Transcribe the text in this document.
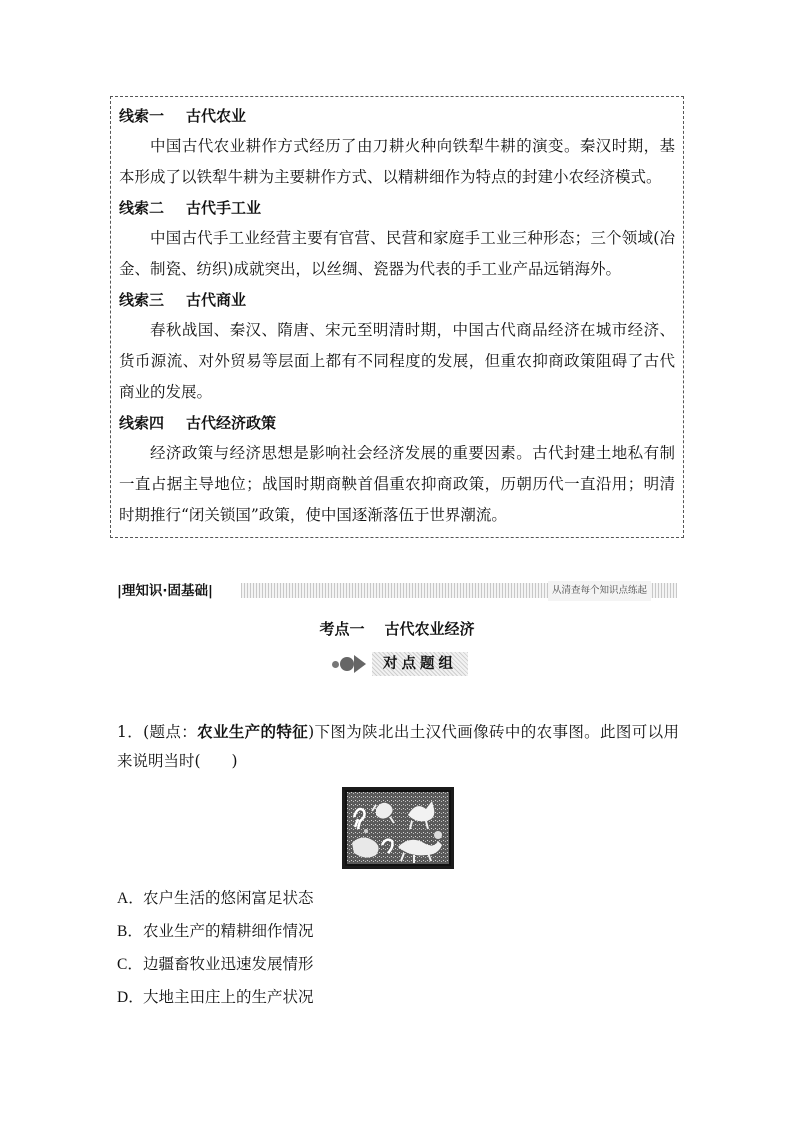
线索一 古代农业

中国古代农业耕作方式经历了由刀耕火种向铁犁牛耕的演变。秦汉时期，基本形成了以铁犁牛耕为主要耕作方式、以精耕细作为特点的封建小农经济模式。

线索二 古代手工业

中国古代手工业经营主要有官营、民营和家庭手工业三种形态；三个领域(冶金、制瓷、纺织)成就突出，以丝绸、瓷器为代表的手工业产品远销海外。

线索三 古代商业

春秋战国、秦汉、隋唐、宋元至明清时期，中国古代商品经济在城市经济、货币源流、对外贸易等层面上都有不同程度的发展，但重农抑商政策阻碍了古代商业的发展。

线索四 古代经济政策

经济政策与经济思想是影响社会经济发展的重要因素。古代封建土地私有制一直占据主导地位；战国时期商鞅首倡重农抑商政策，历朝历代一直沿用；明清时期推行“闭关锁国”政策，使中国逐渐落伍于世界潮流。

|理知识·固基础|	从清查每个知识点练起
考点一 古代农业经济
对点题组
1．(题点：农业生产的特征)下图为陕北出土汉代画像砖中的农事图。此图可以用来说明当时(　　)
A．农户生活的悠闲富足状态
B．农业生产的精耕细作情况
C．边疆畜牧业迅速发展情形
D．大地主田庄上的生产状况
